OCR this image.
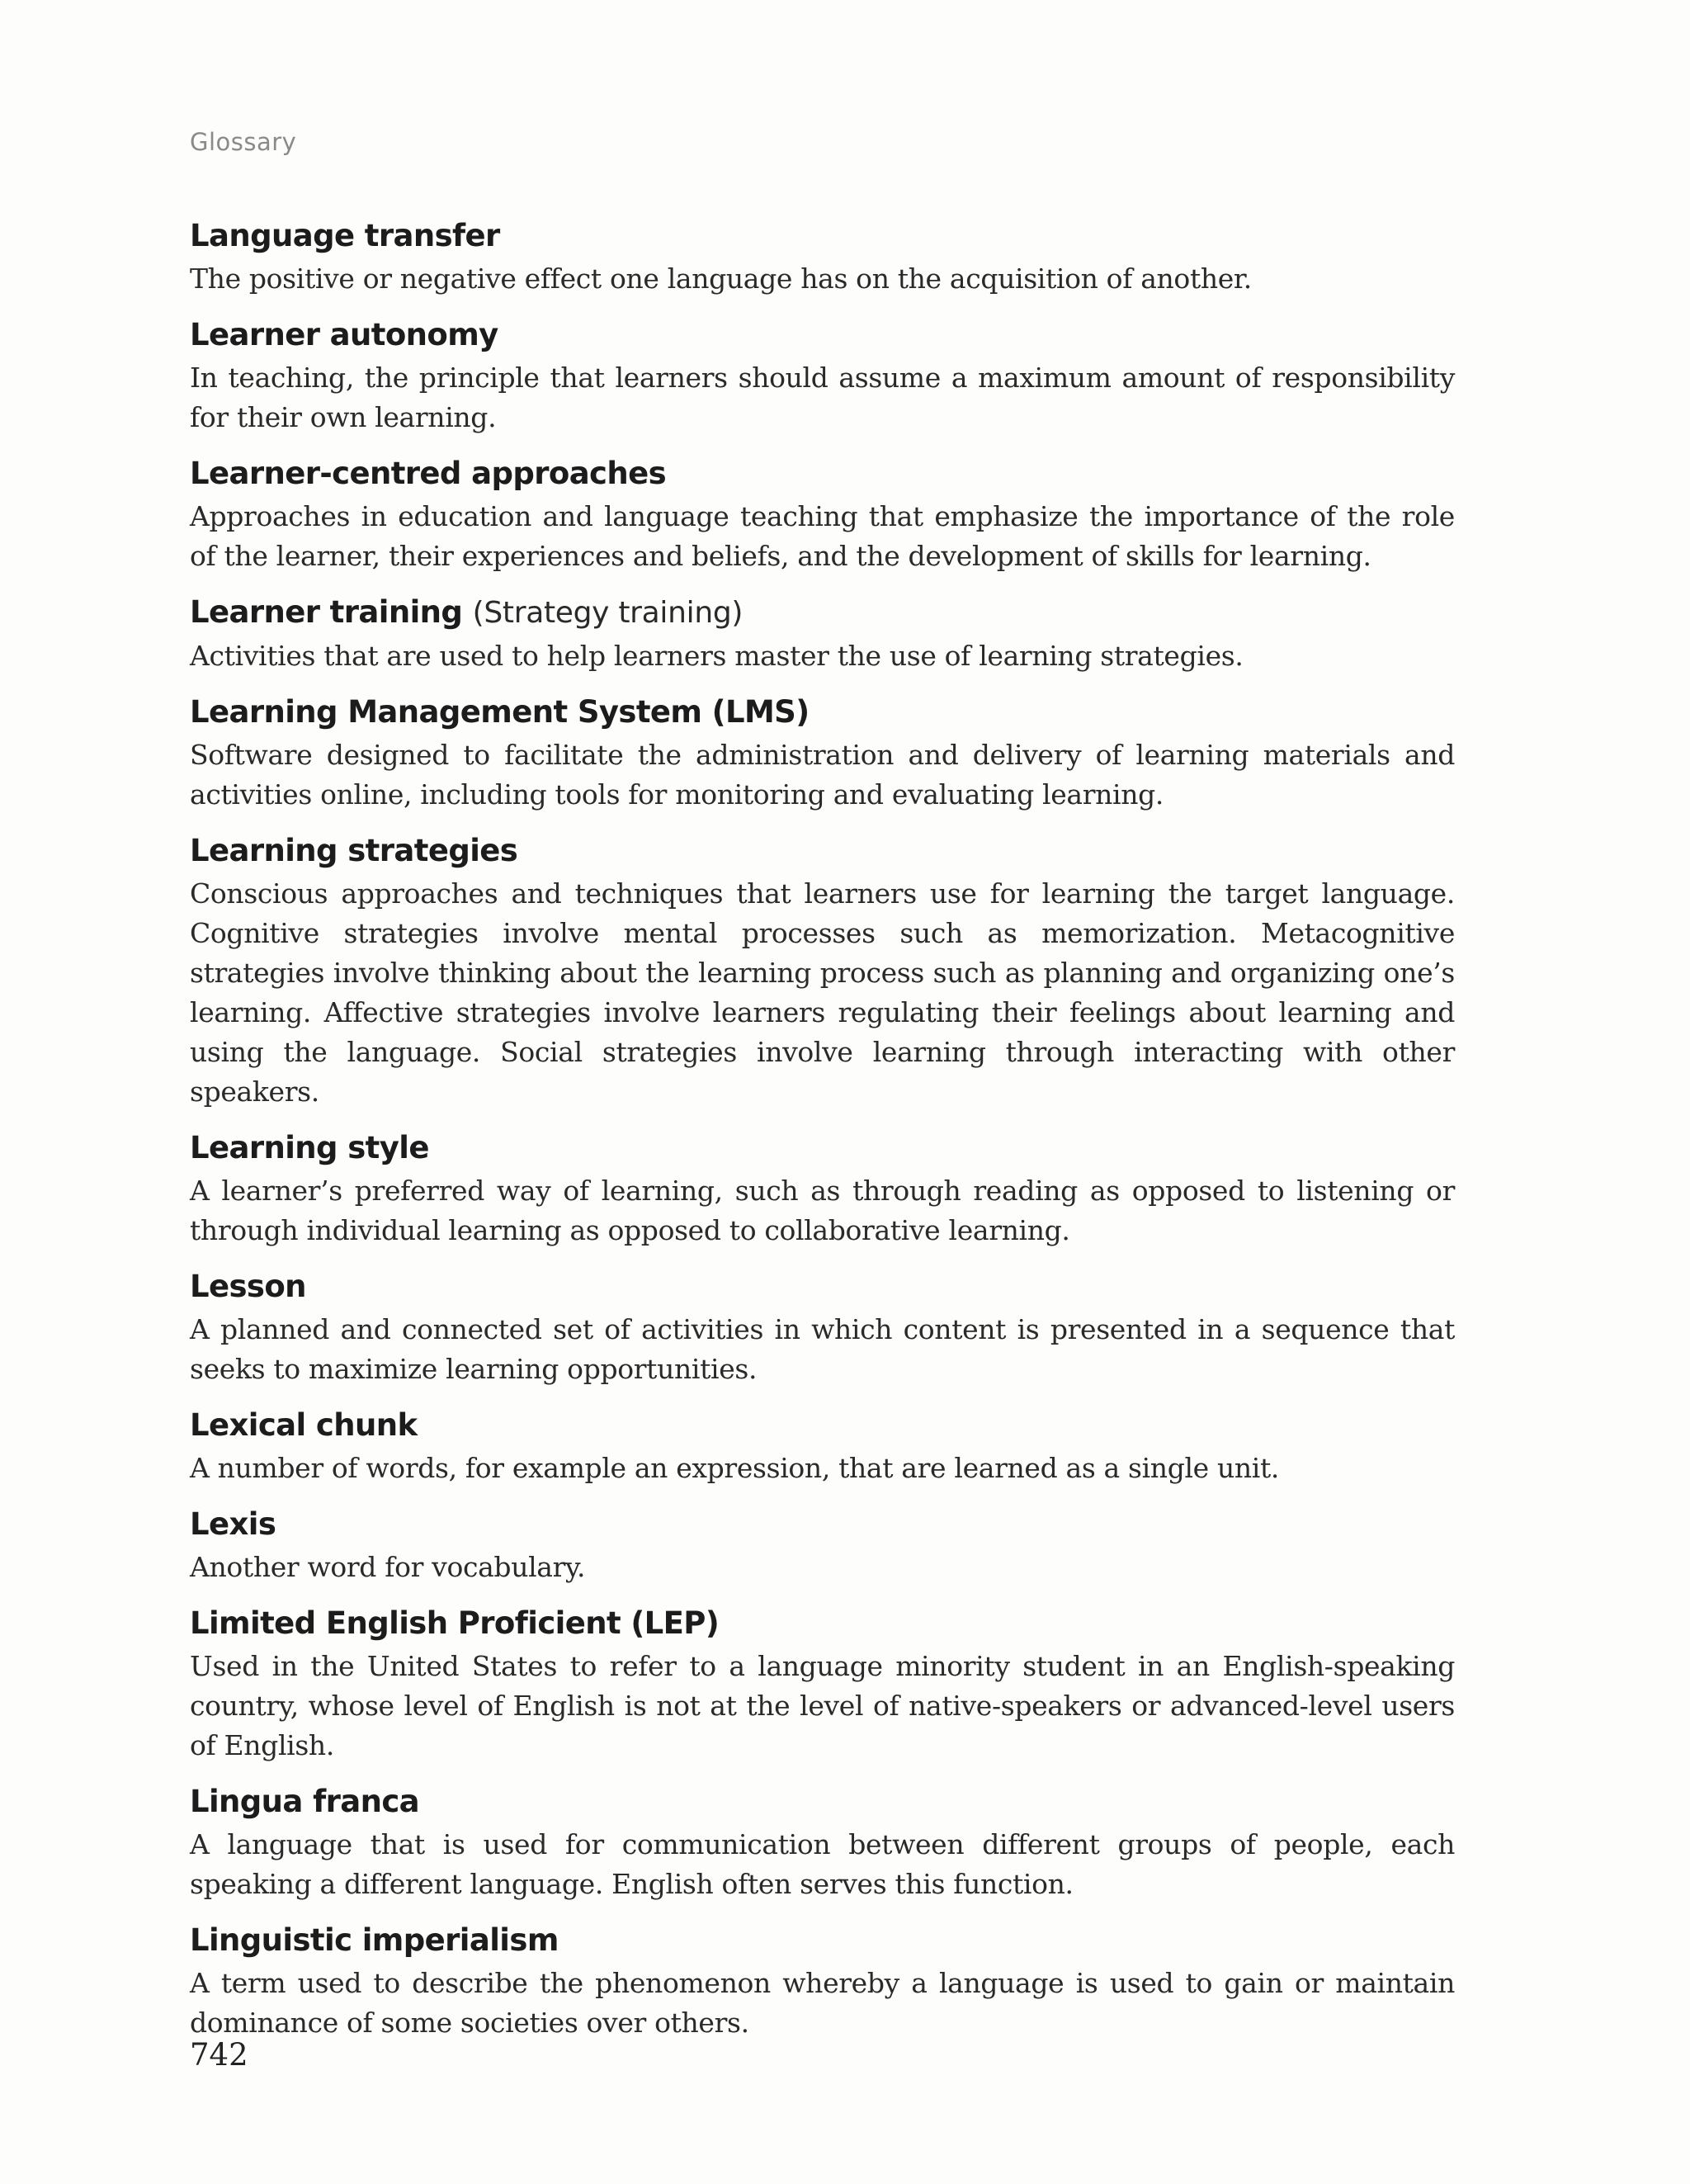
Glossary
Language transfer

The positive or negative effect one language has on the acquisition of another.

Learner autonomy

In teaching, the principle that learners should assume a maximum amount of responsibility for their own learning.

Learner-centred approaches

Approaches in education and language teaching that emphasize the importance of the role of the learner, their experiences and beliefs, and the development of skills for learning.

Learner training (Strategy training)

Activities that are used to help learners master the use of learning strategies.

Learning Management System (LMS)

Software designed to facilitate the administration and delivery of learning materials and activities online, including tools for monitoring and evaluating learning.

Learning strategies

Conscious approaches and techniques that learners use for learning the target language. Cognitive strategies involve mental processes such as memorization. Metacognitive strategies involve thinking about the learning process such as planning and organizing one’s learning. Affective strategies involve learners regulating their feelings about learning and using the language. Social strategies involve learning through interacting with other speakers.

Learning style

A learner’s preferred way of learning, such as through reading as opposed to listening or through individual learning as opposed to collaborative learning.

Lesson

A planned and connected set of activities in which content is presented in a sequence that seeks to maximize learning opportunities.

Lexical chunk

A number of words, for example an expression, that are learned as a single unit.

Lexis

Another word for vocabulary.

Limited English Proficient (LEP)

Used in the United States to refer to a language minority student in an English-speaking country, whose level of English is not at the level of native-speakers or advanced-level users of English.

Lingua franca

A language that is used for communication between different groups of people, each speaking a different language. English often serves this function.

Linguistic imperialism

A term used to describe the phenomenon whereby a language is used to gain or maintain dominance of some societies over others.

742
